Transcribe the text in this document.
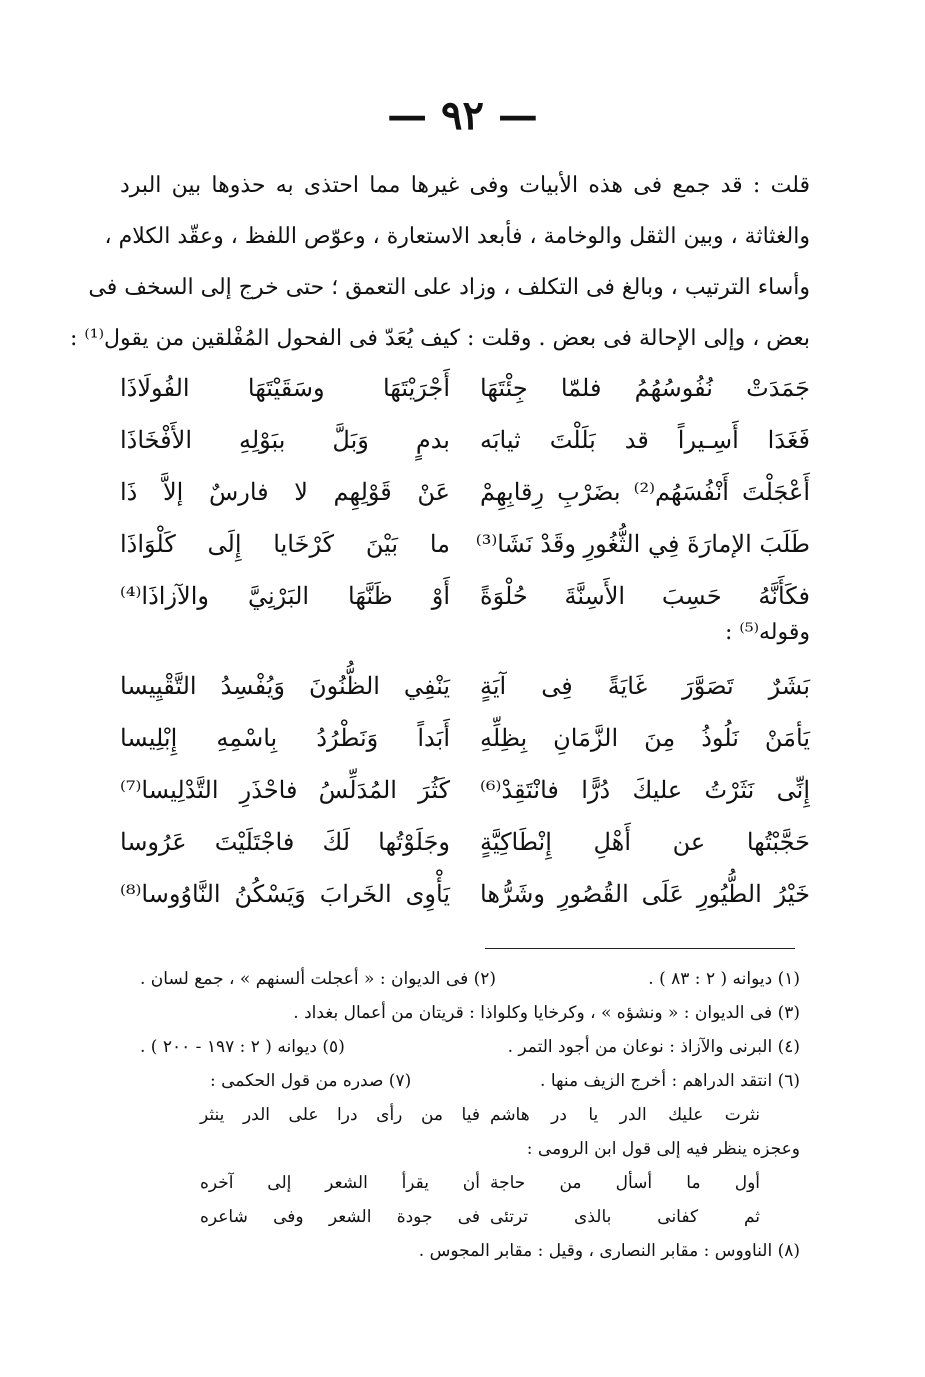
— ٩٢ —
قلت : قد جمع فى هذه الأبيات وفى غيرها مما احتذى به حذوها بين البرد
والغثاثة ، وبين الثقل والوخامة ، فأبعد الاستعارة ، وعوّص اللفظ ، وعقّد الكلام ،
وأساء الترتيب ، وبالغ فى التكلف ، وزاد على التعمق ؛ حتى خرج إلى السخف فى
بعض ، وإلى الإحالة فى بعض . وقلت : كيف يُعَدّ فى الفحول المُفْلقين من يقول⁽¹⁾ :
جَمَدَتْ نُفُوسُهُمُ فلمّا جِئْتَهَا
أَجْرَيْتَهَا وسَقَيْتَهَا الفُولَاذَا
فَغَدَا أَسِـيراً قد بَلَلْتَ ثيابَه
بدمٍ وَبَلَّ ببَوْلِهِ الأَفْخَاذَا
أَعْجَلْتَ أَنْفُسَهُم⁽²⁾ بضَرْبِ رِقابِهِمْ
عَنْ قَوْلِهِم لا فارسٌ إلاَّ ذَا
طَلَبَ الإمارَةَ فِي الثُّغُورِ وقَدْ نَشَا⁽³⁾
ما بَيْنَ كَرْخَايا إِلَى كَلْوَاذَا
فكَأَنَّهُ حَسِبَ الأَسِنَّةَ حُلْوَةً
أَوْ ظَنَّهَا البَرْنِيَّ والآزاذَا⁽⁴⁾
وقوله⁽⁵⁾ :
بَشَرٌ تَصَوَّرَ غَايَةً فِى آيَةٍ
يَنْفِي الظُّنُونَ وَيُفْسِدُ التَّقْيِيسا
يَأمَنْ نَلُوذُ مِنَ الزَّمَانِ بِظِلِّهِ
أَبَداً وَنَطْرُدُ بِاسْمِهِ إِبْلِيسا
إِنِّى نَثَرْتُ عليكَ دُرًّا فانْتَقِدْ⁽⁶⁾
كَثُرَ المُدَلِّسُ فاحْذَرِ التَّدْلِيسا⁽⁷⁾
حَجَّبْتُها عن أَهْلِ إِنْطَاكِيَّةٍ
وجَلَوْتُها لَكَ فاجْتَلَيْتَ عَرُوسا
خَيْرُ الطُّيُورِ عَلَى القُصُورِ وشَرُّها
يَأْوِى الخَرابَ وَيَسْكُنُ النَّاوُوسا⁽⁸⁾
(١) ديوانه ( ٢ : ٨٣ ) .
(٢) فى الديوان : « أعجلت ألسنهم » ، جمع لسان .
(٣) فى الديوان : « ونشؤه » ، وكرخايا وكلواذا : قريتان من أعمال بغداد .
(٤) البرنى والآزاذ : نوعان من أجود التمر .
(٥) ديوانه ( ٢ : ١٩٧ - ٢٠٠ ) .
(٦) انتقد الدراهم : أخرج الزيف منها .
(٧) صدره من قول الحكمى :
نثرت عليك الدر يا در هاشم
فيا من رأى درا على الدر ينثر
وعجزه ينظر فيه إلى قول ابن الرومى :
أول ما أسأل من حاجة
أن يقرأ الشعر إلى آخره
ثم كفانى بالذى ترتئى
فى جودة الشعر وفى شاعره
(٨) الناووس : مقابر النصارى ، وقيل : مقابر المجوس .
